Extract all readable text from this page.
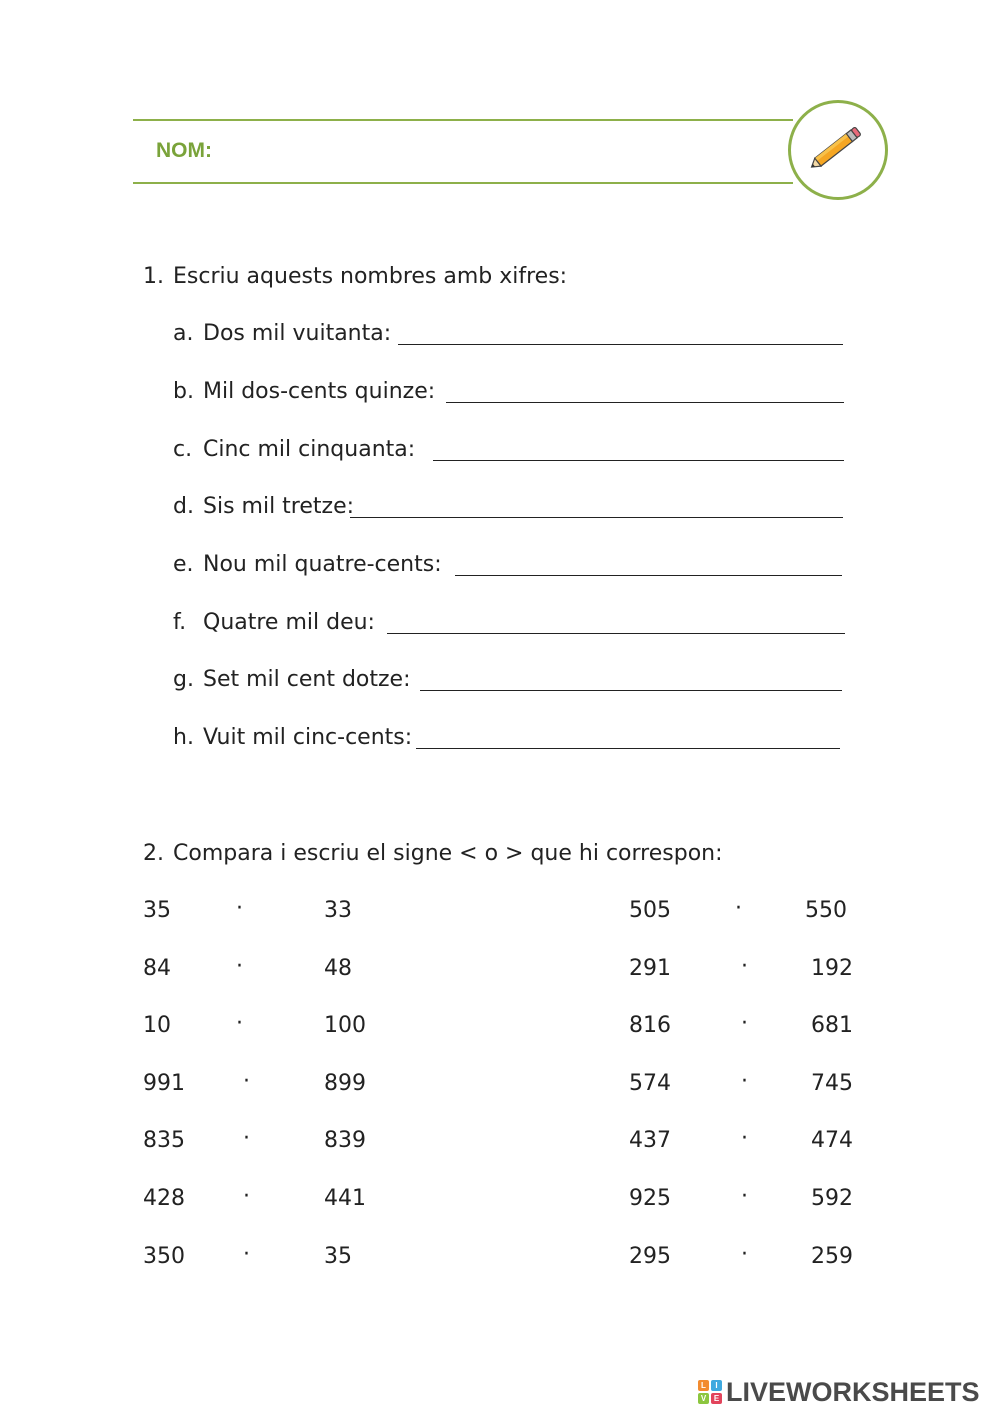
NOM:
1. Escriu aquests nombres amb xifres:
a. Dos mil vuitanta:
b. Mil dos-cents quinze:
c. Cinc mil cinquanta:
d. Sis mil tretze:
e. Nou mil quatre-cents:
f. Quatre mil deu:
g. Set mil cent dotze:
h. Vuit mil cinc-cents:
2. Compara i escriu el signe < o > que hi correspon:
35	·	33
84	·	48
10	·	100
991	·	899
835	·	839
428	·	441
350	·	35
505	·	550
291	·	192
816	·	681
574	·	745
437	·	474
925	·	592
295	·	259
L	I
V E LIVEWORKSHEETS
